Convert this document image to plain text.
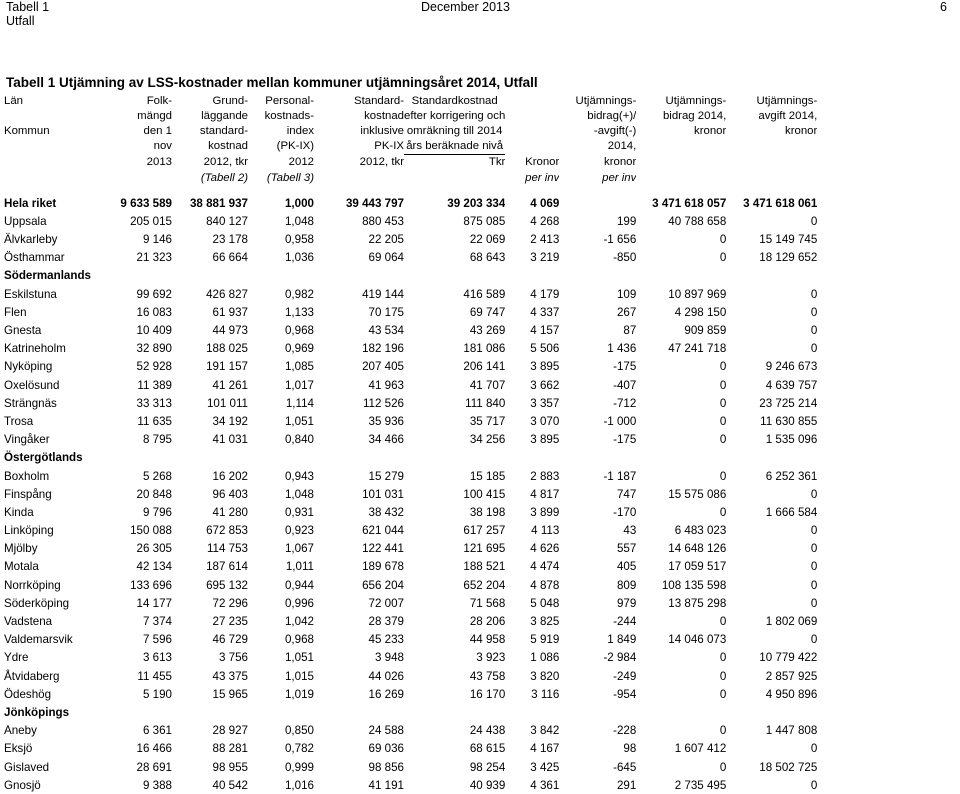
Tabell 1
Utfall
December 2013	6
Tabell 1 Utjämning av LSS-kostnader mellan kommuner utjämningsåret 2014, Utfall
Län	Folk-	Grund-	Personal-	Standard-	Standardkostnad		Utjämnings-	Utjämnings-	Utjämnings-
	mängd	läggande	kostnads-	kostnad	efter korrigering och		bidrag(+)/	bidrag 2014,	avgift 2014,
Kommun	den 1	standard-	index	inklusive	omräkning till 2014		-avgift(-)	kronor	kronor
	nov	kostnad	(PK-IX)	PK-IX	års beräknade nivå		2014,		
	2013	2012, tkr	2012	2012, tkr	Tkr	Kronor	kronor		
		(Tabell 2)	(Tabell 3)			per inv	per inv		

Hela riket	9 633 589	38 881 937	1,000	39 443 797	39 203 334	4 069		3 471 618 057	3 471 618 061
Uppsala	205 015	840 127	1,048	880 453	875 085	4 268	199	40 788 658	0
Älvkarleby	9 146	23 178	0,958	22 205	22 069	2 413	-1 656	0	15 149 745
Östhammar	21 323	66 664	1,036	69 064	68 643	3 219	-850	0	18 129 652
Södermanlands									
Eskilstuna	99 692	426 827	0,982	419 144	416 589	4 179	109	10 897 969	0
Flen	16 083	61 937	1,133	70 175	69 747	4 337	267	4 298 150	0
Gnesta	10 409	44 973	0,968	43 534	43 269	4 157	87	909 859	0
Katrineholm	32 890	188 025	0,969	182 196	181 086	5 506	1 436	47 241 718	0
Nyköping	52 928	191 157	1,085	207 405	206 141	3 895	-175	0	9 246 673
Oxelösund	11 389	41 261	1,017	41 963	41 707	3 662	-407	0	4 639 757
Strängnäs	33 313	101 011	1,114	112 526	111 840	3 357	-712	0	23 725 214
Trosa	11 635	34 192	1,051	35 936	35 717	3 070	-1 000	0	11 630 855
Vingåker	8 795	41 031	0,840	34 466	34 256	3 895	-175	0	1 535 096
Östergötlands									
Boxholm	5 268	16 202	0,943	15 279	15 185	2 883	-1 187	0	6 252 361
Finspång	20 848	96 403	1,048	101 031	100 415	4 817	747	15 575 086	0
Kinda	9 796	41 280	0,931	38 432	38 198	3 899	-170	0	1 666 584
Linköping	150 088	672 853	0,923	621 044	617 257	4 113	43	6 483 023	0
Mjölby	26 305	114 753	1,067	122 441	121 695	4 626	557	14 648 126	0
Motala	42 134	187 614	1,011	189 678	188 521	4 474	405	17 059 517	0
Norrköping	133 696	695 132	0,944	656 204	652 204	4 878	809	108 135 598	0
Söderköping	14 177	72 296	0,996	72 007	71 568	5 048	979	13 875 298	0
Vadstena	7 374	27 235	1,042	28 379	28 206	3 825	-244	0	1 802 069
Valdemarsvik	7 596	46 729	0,968	45 233	44 958	5 919	1 849	14 046 073	0
Ydre	3 613	3 756	1,051	3 948	3 923	1 086	-2 984	0	10 779 422
Åtvidaberg	11 455	43 375	1,015	44 026	43 758	3 820	-249	0	2 857 925
Ödeshög	5 190	15 965	1,019	16 269	16 170	3 116	-954	0	4 950 896
Jönköpings									
Aneby	6 361	28 927	0,850	24 588	24 438	3 842	-228	0	1 447 808
Eksjö	16 466	88 281	0,782	69 036	68 615	4 167	98	1 607 412	0
Gislaved	28 691	98 955	0,999	98 856	98 254	3 425	-645	0	18 502 725
Gnosjö	9 388	40 542	1,016	41 191	40 939	4 361	291	2 735 495	0
